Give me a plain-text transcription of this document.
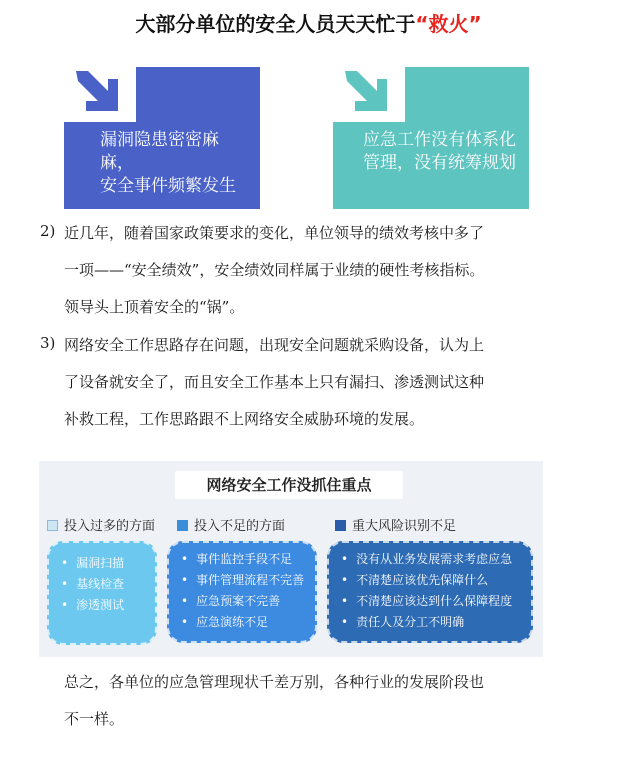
大部分单位的安全人员天天忙于“救火”
漏洞隐患密密麻麻，
安全事件频繁发生
应急工作没有体系化
管理，没有统筹规划
2) 近几年，随着国家政策要求的变化，单位领导的绩效考核中多了
一项——“安全绩效”，安全绩效同样属于业绩的硬性考核指标。
领导头上顶着安全的“锅”。
3) 网络安全工作思路存在问题，出现安全问题就采购设备，认为上
了设备就安全了，而且安全工作基本上只有漏扫、渗透测试这种
补救工程，工作思路跟不上网络安全威胁环境的发展。
网络安全工作没抓住重点
投入过多的方面	投入不足的方面	重大风险识别不足
• 漏洞扫描
• 基线检查
• 渗透测试
• 事件监控手段不足
• 事件管理流程不完善
• 应急预案不完善
• 应急演练不足
• 没有从业务发展需求考虑应急
• 不清楚应该优先保障什么
• 不清楚应该达到什么保障程度
• 责任人及分工不明确
总之，各单位的应急管理现状千差万别，各种行业的发展阶段也
不一样。
